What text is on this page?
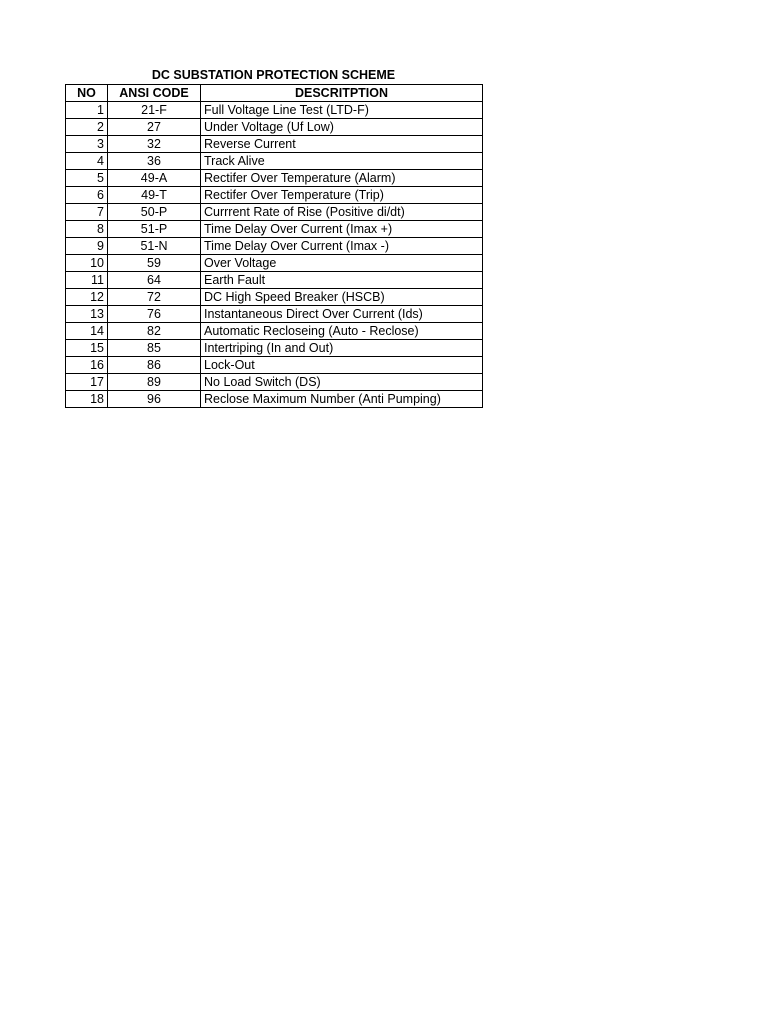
DC SUBSTATION PROTECTION SCHEME
NO	ANSI CODE	DESCRITPTION
1	21-F	Full Voltage Line Test (LTD-F)
2	27	Under Voltage (Uf Low)
3	32	Reverse Current
4	36	Track Alive
5	49-A	Rectifer Over Temperature (Alarm)
6	49-T	Rectifer Over Temperature (Trip)
7	50-P	Currrent Rate of Rise (Positive di/dt)
8	51-P	Time Delay Over Current (Imax +)
9	51-N	Time Delay Over Current (Imax -)
10	59	Over Voltage
11	64	Earth Fault
12	72	DC High Speed Breaker (HSCB)
13	76	Instantaneous Direct Over Current (Ids)
14	82	Automatic Recloseing (Auto - Reclose)
15	85	Intertriping (In and Out)
16	86	Lock-Out
17	89	No Load Switch (DS)
18	96	Reclose Maximum Number (Anti Pumping)
